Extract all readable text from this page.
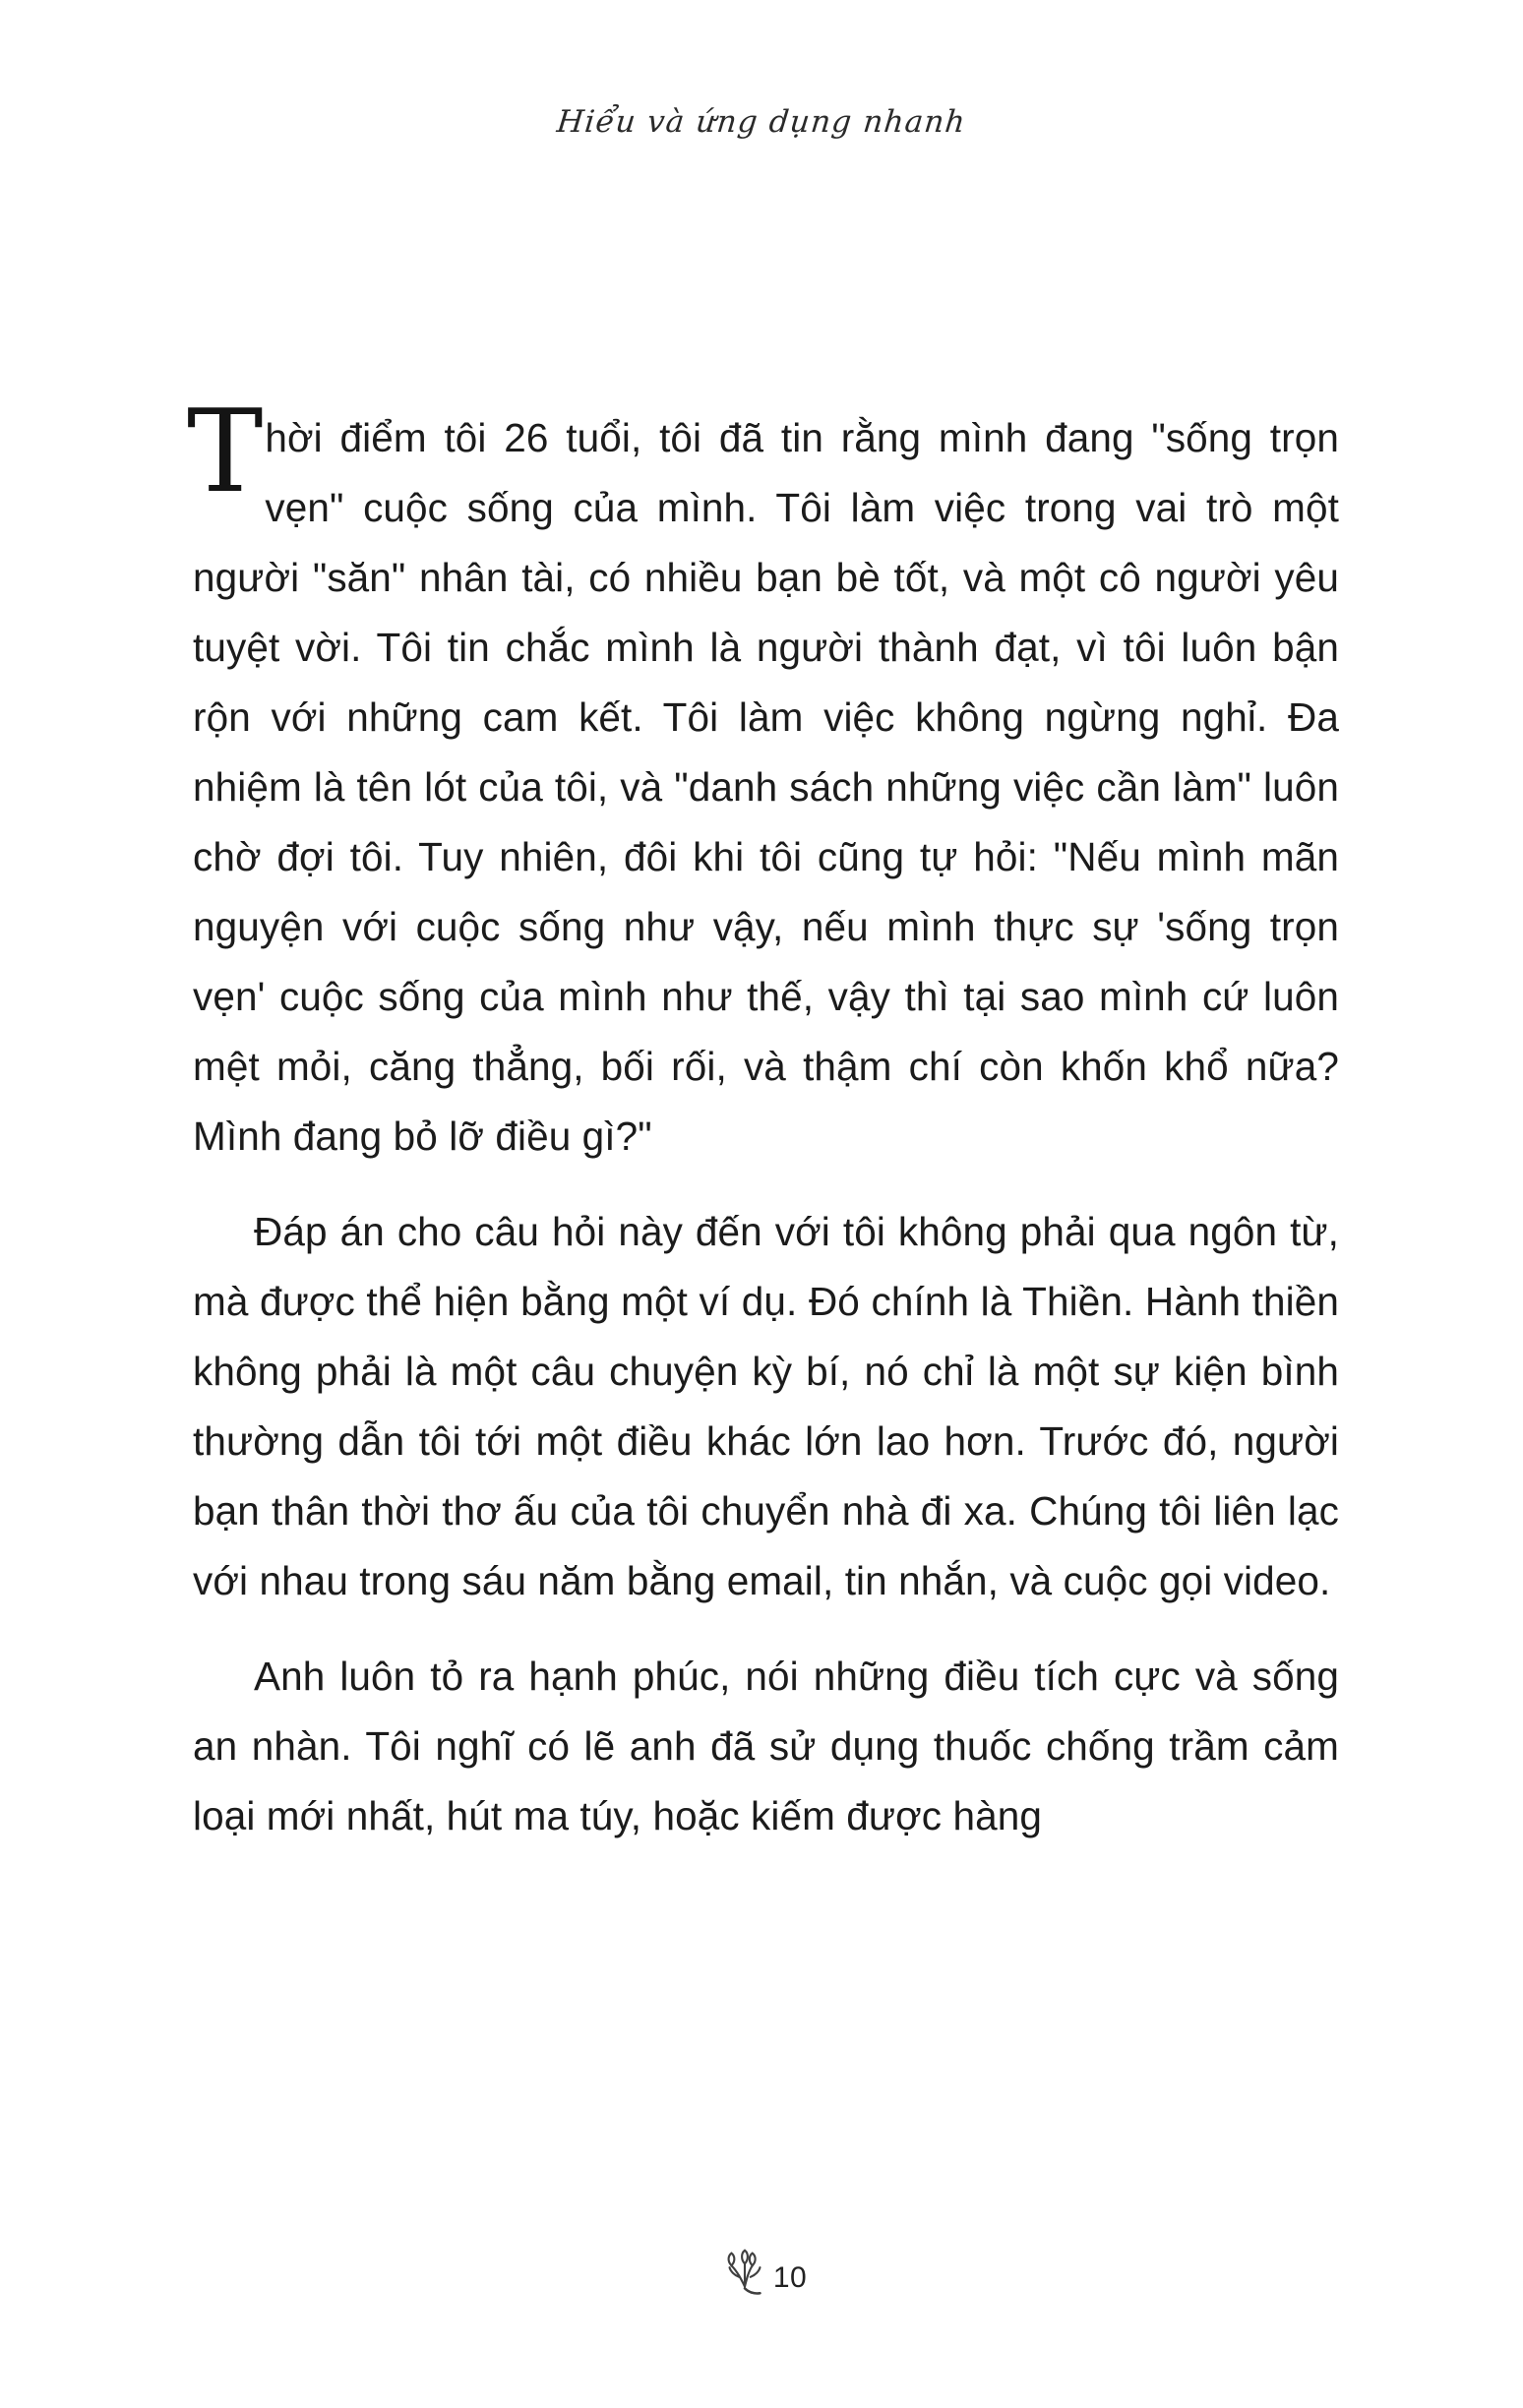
Hiểu và ứng dụng nhanh

Thời điểm tôi 26 tuổi, tôi đã tin rằng mình đang "sống trọn vẹn" cuộc sống của mình. Tôi làm việc trong vai trò một người "săn" nhân tài, có nhiều bạn bè tốt, và một cô người yêu tuyệt vời. Tôi tin chắc mình là người thành đạt, vì tôi luôn bận rộn với những cam kết. Tôi làm việc không ngừng nghỉ. Đa nhiệm là tên lót của tôi, và "danh sách những việc cần làm" luôn chờ đợi tôi. Tuy nhiên, đôi khi tôi cũng tự hỏi: "Nếu mình mãn nguyện với cuộc sống như vậy, nếu mình thực sự 'sống trọn vẹn' cuộc sống của mình như thế, vậy thì tại sao mình cứ luôn mệt mỏi, căng thẳng, bối rối, và thậm chí còn khốn khổ nữa? Mình đang bỏ lỡ điều gì?"

Đáp án cho câu hỏi này đến với tôi không phải qua ngôn từ, mà được thể hiện bằng một ví dụ. Đó chính là Thiền. Hành thiền không phải là một câu chuyện kỳ bí, nó chỉ là một sự kiện bình thường dẫn tôi tới một điều khác lớn lao hơn. Trước đó, người bạn thân thời thơ ấu của tôi chuyển nhà đi xa. Chúng tôi liên lạc với nhau trong sáu năm bằng email, tin nhắn, và cuộc gọi video.

Anh luôn tỏ ra hạnh phúc, nói những điều tích cực và sống an nhàn. Tôi nghĩ có lẽ anh đã sử dụng thuốc chống trầm cảm loại mới nhất, hút ma túy, hoặc kiếm được hàng

10
